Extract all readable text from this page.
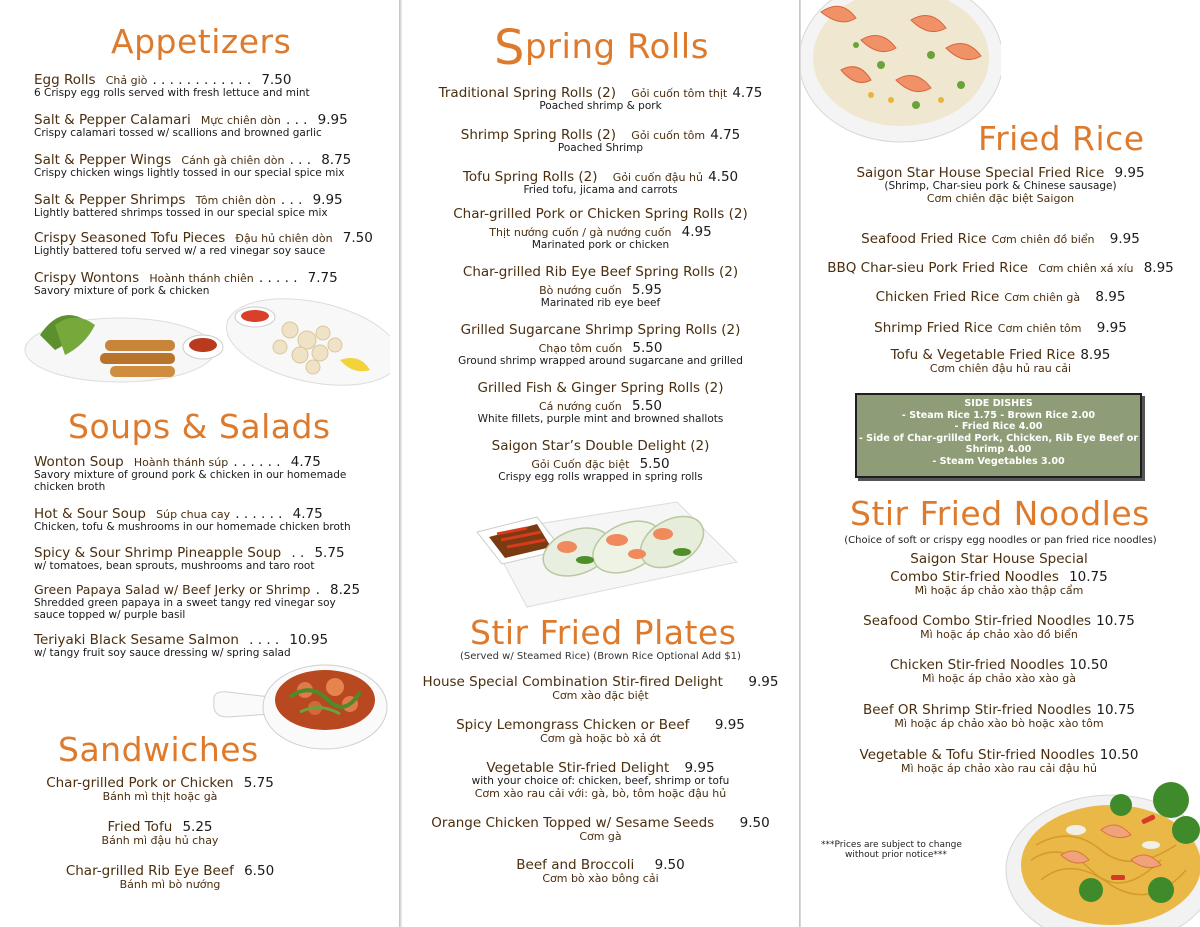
Appetizers
Egg Rolls Chả giò . . . . . . . . . . . . 7.50
6 Crispy egg rolls served with fresh lettuce and mint
Salt & Pepper Calamari Mực chiên dòn . . . 9.95
Crispy calamari tossed w/ scallions and browned garlic
Salt & Pepper Wings Cánh gà chiên dòn . . . 8.75
Crispy chicken wings lightly tossed in our special spice mix
Salt & Pepper Shrimps Tôm chiên dòn . . . 9.95
Lightly battered shrimps tossed in our special spice mix
Crispy Seasoned Tofu Pieces Đậu hủ chiên dòn 7.50
Lightly battered tofu served w/ a red vinegar soy sauce
Crispy Wontons Hoành thánh chiên . . . . . 7.75
Savory mixture of pork & chicken
Soups & Salads
Wonton Soup Hoành thánh súp . . . . . . 4.75
Savory mixture of ground pork & chicken in our homemade
chicken broth
Hot & Sour Soup Súp chua cay . . . . . . 4.75
Chicken, tofu & mushrooms in our homemade chicken broth
Spicy & Sour Shrimp Pineapple Soup . . 5.75
w/ tomatoes, bean sprouts, mushrooms and taro root
Green Papaya Salad w/ Beef Jerky or Shrimp . 8.25
Shredded green papaya in a sweet tangy red vinegar soy
sauce topped w/ purple basil
Teriyaki Black Sesame Salmon . . . . 10.95
w/ tangy fruit soy sauce dressing w/ spring salad
Sandwiches
Char-grilled Pork or Chicken 5.75
Bánh mì thịt hoặc gà
Fried Tofu 5.25
Bánh mì đậu hủ chay
Char-grilled Rib Eye Beef 6.50
Bánh mì bò nướng
Spring Rolls
Traditional Spring Rolls (2) Gỏi cuốn tôm thịt 4.75
Poached shrimp & pork
Shrimp Spring Rolls (2) Gỏi cuốn tôm 4.75
Poached Shrimp
Tofu Spring Rolls (2) Gỏi cuốn đậu hủ 4.50
Fried tofu, jicama and carrots
Char-grilled Pork or Chicken Spring Rolls (2)
Thịt nướng cuốn / gà nướng cuốn 4.95
Marinated pork or chicken
Char-grilled Rib Eye Beef Spring Rolls (2)
Bò nướng cuốn 5.95
Marinated rib eye beef
Grilled Sugarcane Shrimp Spring Rolls (2)
Chạo tôm cuốn 5.50
Ground shrimp wrapped around sugarcane and grilled
Grilled Fish & Ginger Spring Rolls (2)
Cá nướng cuốn 5.50
White fillets, purple mint and browned shallots
Saigon Star’s Double Delight (2)
Gỏi Cuốn đặc biệt 5.50
Crispy egg rolls wrapped in spring rolls
Stir Fried Plates
(Served w/ Steamed Rice) (Brown Rice Optional Add $1)
House Special Combination Stir-fired Delight 9.95
Cơm xào đặc biệt
Spicy Lemongrass Chicken or Beef 9.95
Cơm gà hoặc bò xả ớt
Vegetable Stir-fried Delight 9.95
with your choice of: chicken, beef, shrimp or tofu
Cơm xào rau cải với: gà, bò, tôm hoặc đậu hủ
Orange Chicken Topped w/ Sesame Seeds 9.50
Cơm gà
Beef and Broccoli 9.50
Cơm bò xào bông cải
Fried Rice
Saigon Star House Special Fried Rice 9.95
(Shrimp, Char-sieu pork & Chinese sausage)
Cơm chiên đặc biệt Saigon
Seafood Fried Rice Cơm chiên đồ biển 9.95
BBQ Char-sieu Pork Fried Rice Cơm chiên xá xíu 8.95
Chicken Fried Rice Cơm chiên gà 8.95
Shrimp Fried Rice Cơm chiên tôm 9.95
Tofu & Vegetable Fried Rice 8.95
Cơm chiên đậu hủ rau cải
Stir Fried Noodles
(Choice of soft or crispy egg noodles or pan fried rice noodles)
Saigon Star House Special
Combo Stir-fried Noodles 10.75
Mì hoặc áp chảo xào thập cẩm
Seafood Combo Stir-fried Noodles 10.75
Mì hoặc áp chảo xào đồ biển
Chicken Stir-fried Noodles 10.50
Mì hoặc áp chảo xào xào gà
Beef OR Shrimp Stir-fried Noodles 10.75
Mì hoặc áp chảo xào bò hoặc xào tôm
Vegetable & Tofu Stir-fried Noodles 10.50
Mì hoặc áp chảo xào rau cải đậu hủ
***Prices are subject to change
without prior notice***
SIDE DISHES
- Steam Rice 1.75 - Brown Rice 2.00
- Fried Rice 4.00
- Side of Char-grilled Pork, Chicken, Rib Eye Beef or
Shrimp 4.00
- Steam Vegetables 3.00
